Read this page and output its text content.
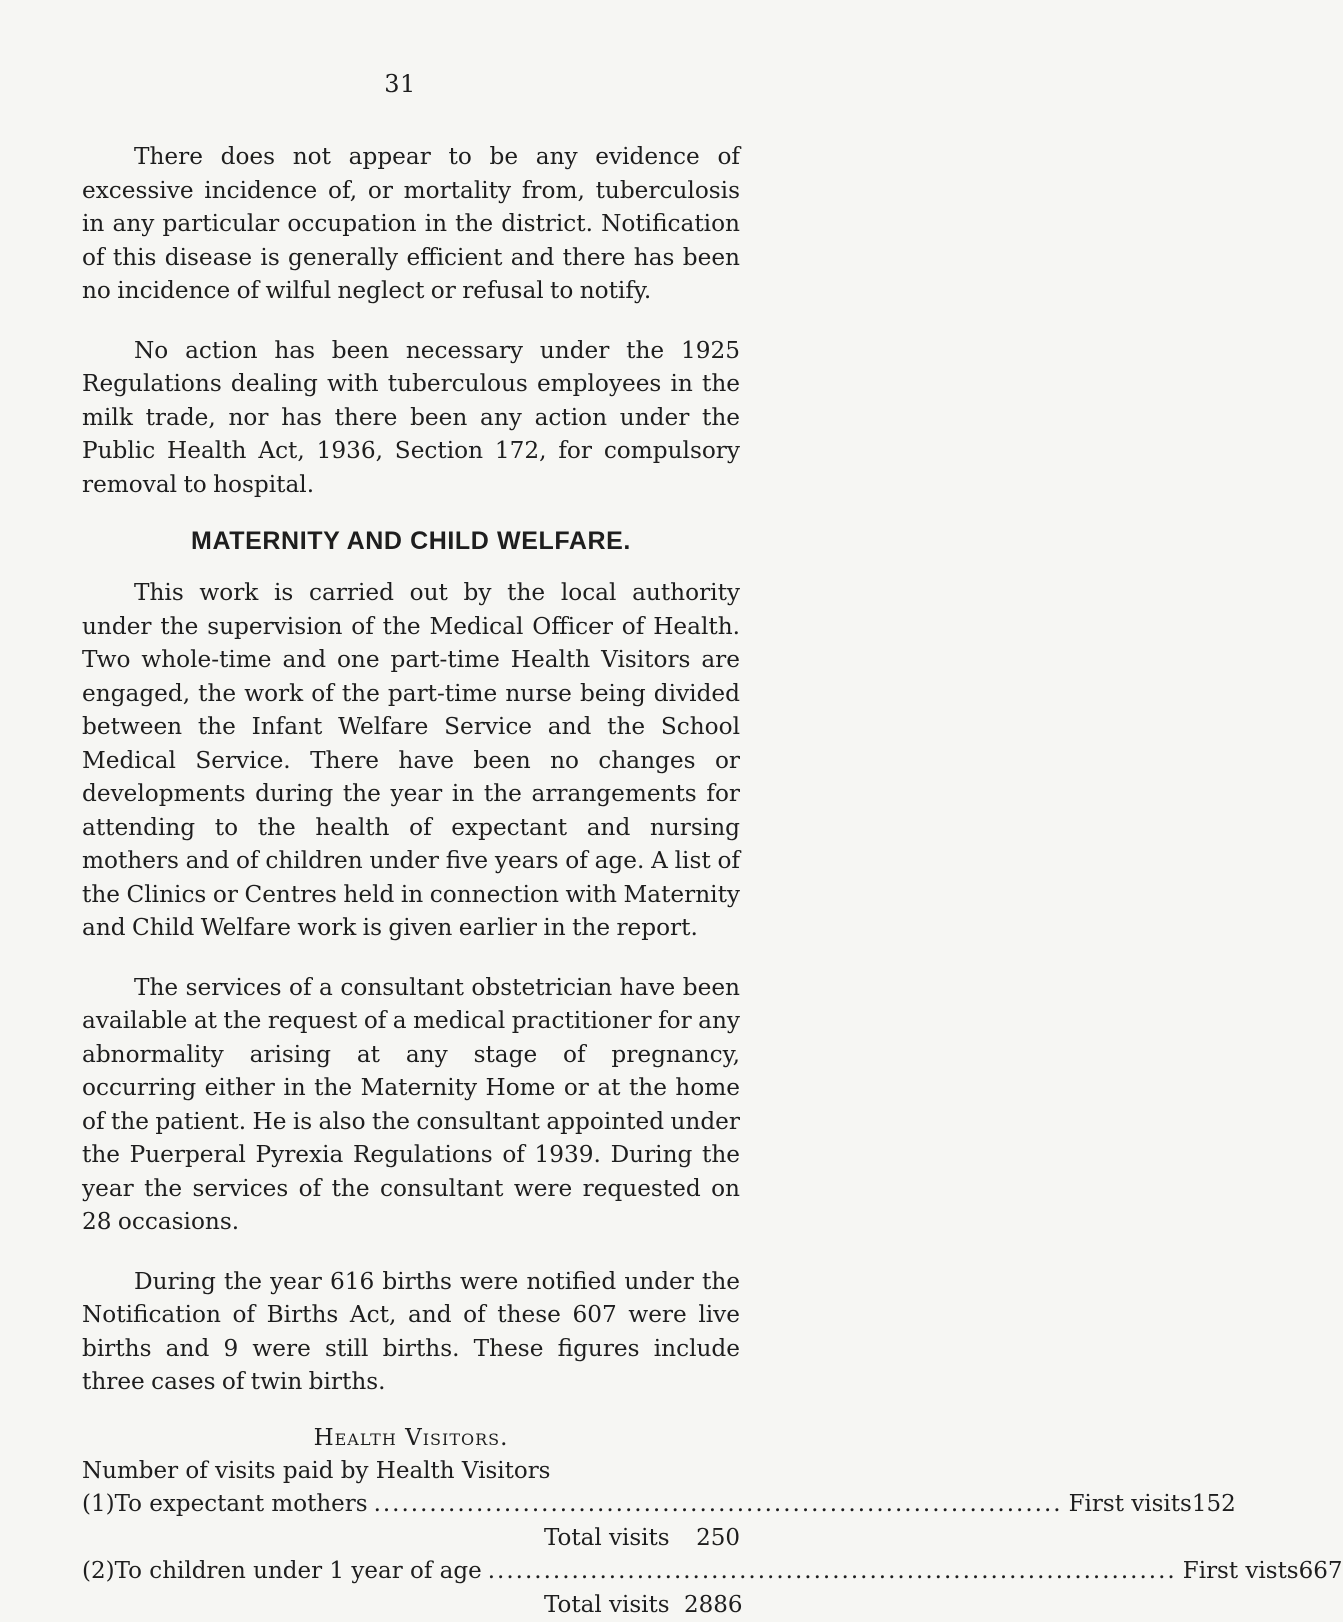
31

There does not appear to be any evidence of excessive incidence of, or mortality from, tuberculosis in any particular occupation in the district. Notification of this disease is generally efficient and there has been no incidence of wilful neglect or refusal to notify.

No action has been necessary under the 1925 Regulations dealing with tuberculous employees in the milk trade, nor has there been any action under the Public Health Act, 1936, Section 172, for compulsory removal to hospital.

MATERNITY AND CHILD WELFARE.

This work is carried out by the local authority under the supervision of the Medical Officer of Health. Two whole-time and one part-time Health Visitors are engaged, the work of the part-time nurse being divided between the Infant Welfare Service and the School Medical Service. There have been no changes or developments during the year in the arrangements for attending to the health of expectant and nursing mothers and of children under five years of age. A list of the Clinics or Centres held in connection with Maternity and Child Welfare work is given earlier in the report.

The services of a consultant obstetrician have been available at the request of a medical practitioner for any abnormality arising at any stage of pregnancy, occurring either in the Maternity Home or at the home of the patient. He is also the consultant appointed under the Puerperal Pyrexia Regulations of 1939. During the year the services of the consultant were requested on 28 occasions.

During the year 616 births were notified under the Notification of Births Act, and of these 607 were live births and 9 were still births. These figures include three cases of twin births.

Health Visitors.

Number of visits paid by Health Visitors

(1) To expectant mothers .......................................................................... First visits 152
Total visits	250
(2) To children under 1 year of age .......................................................................... First vists 667
Total visits 2886
